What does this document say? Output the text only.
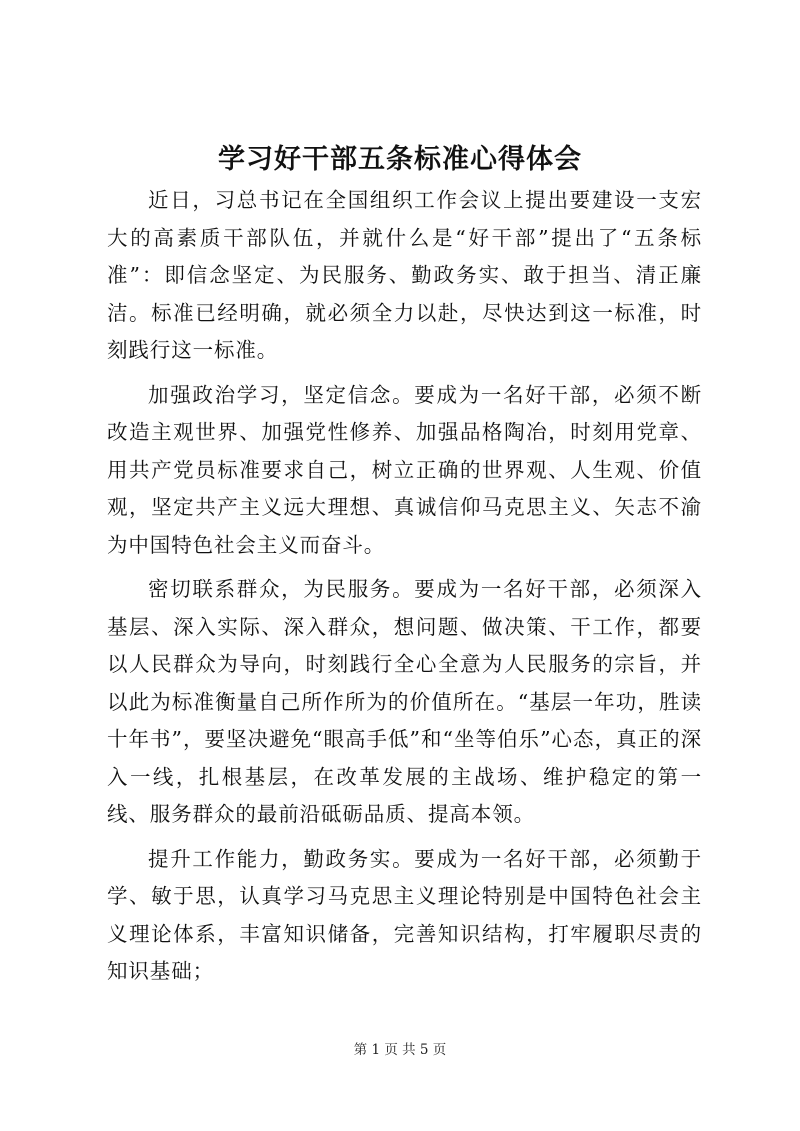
学习好干部五条标准心得体会

近日，习总书记在全国组织工作会议上提出要建设一支宏大的高素质干部队伍，并就什么是“好干部”提出了“五条标准”：即信念坚定、为民服务、勤政务实、敢于担当、清正廉洁。标准已经明确，就必须全力以赴，尽快达到这一标准，时刻践行这一标准。

加强政治学习，坚定信念。要成为一名好干部，必须不断改造主观世界、加强党性修养、加强品格陶冶，时刻用党章、用共产党员标准要求自己，树立正确的世界观、人生观、价值观，坚定共产主义远大理想、真诚信仰马克思主义、矢志不渝为中国特色社会主义而奋斗。

密切联系群众，为民服务。要成为一名好干部，必须深入基层、深入实际、深入群众，想问题、做决策、干工作，都要以人民群众为导向，时刻践行全心全意为人民服务的宗旨，并以此为标准衡量自己所作所为的价值所在。“基层一年功，胜读十年书”，要坚决避免“眼高手低”和“坐等伯乐”心态，真正的深入一线，扎根基层，在改革发展的主战场、维护稳定的第一线、服务群众的最前沿砥砺品质、提高本领。

提升工作能力，勤政务实。要成为一名好干部，必须勤于学、敏于思，认真学习马克思主义理论特别是中国特色社会主义理论体系，丰富知识储备，完善知识结构，打牢履职尽责的知识基础；

第 1 页 共 5 页
